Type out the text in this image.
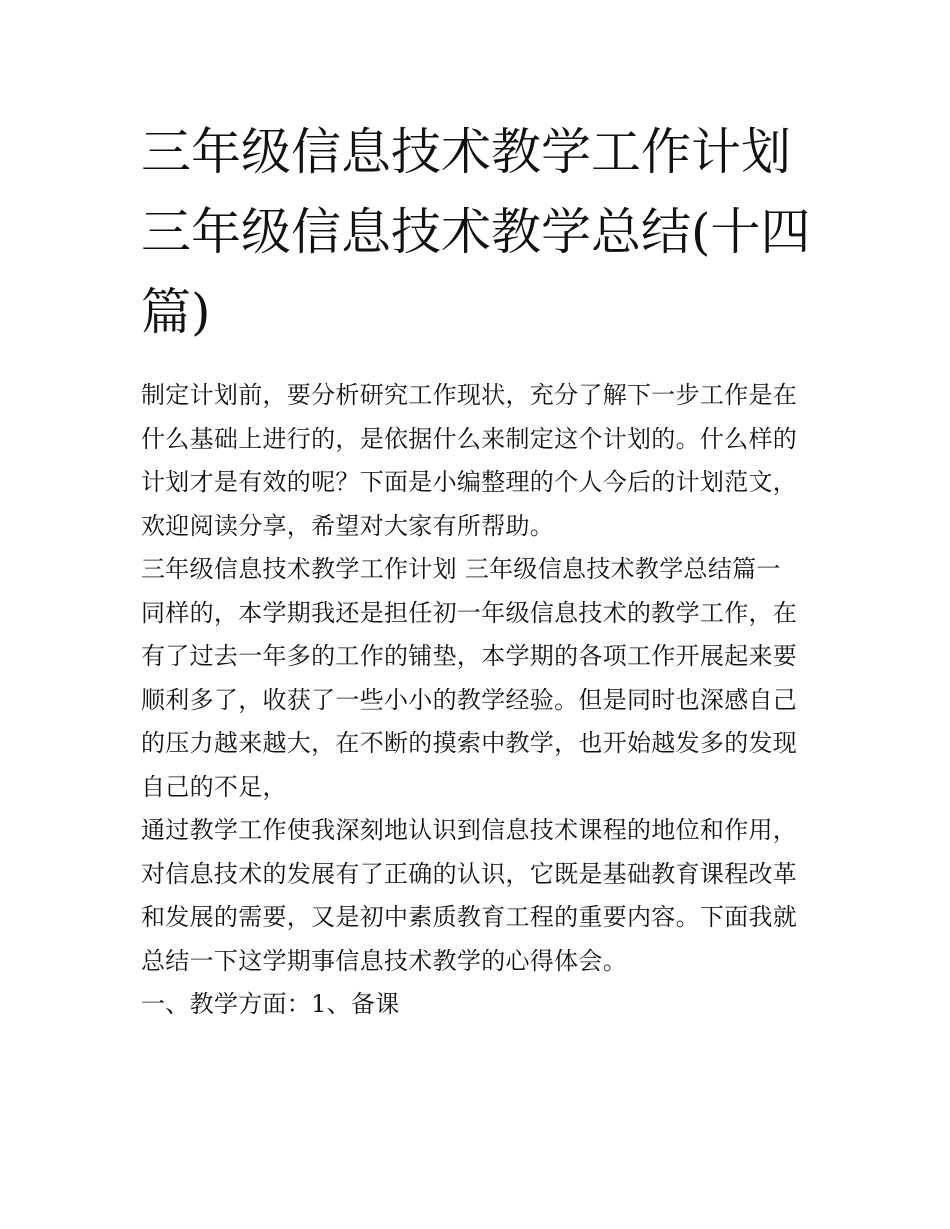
三年级信息技术教学工作计划
三年级信息技术教学总结(十四
篇)
制定计划前，要分析研究工作现状，充分了解下一步工作是在
什么基础上进行的，是依据什么来制定这个计划的。什么样的
计划才是有效的呢？下面是小编整理的个人今后的计划范文，
欢迎阅读分享，希望对大家有所帮助。
三年级信息技术教学工作计划 三年级信息技术教学总结篇一
同样的，本学期我还是担任初一年级信息技术的教学工作，在
有了过去一年多的工作的铺垫，本学期的各项工作开展起来要
顺利多了，收获了一些小小的教学经验。但是同时也深感自己
的压力越来越大，在不断的摸索中教学，也开始越发多的发现
自己的不足，
通过教学工作使我深刻地认识到信息技术课程的地位和作用，
对信息技术的发展有了正确的认识，它既是基础教育课程改革
和发展的需要，又是初中素质教育工程的重要内容。下面我就
总结一下这学期事信息技术教学的心得体会。
一、教学方面：1、备课
